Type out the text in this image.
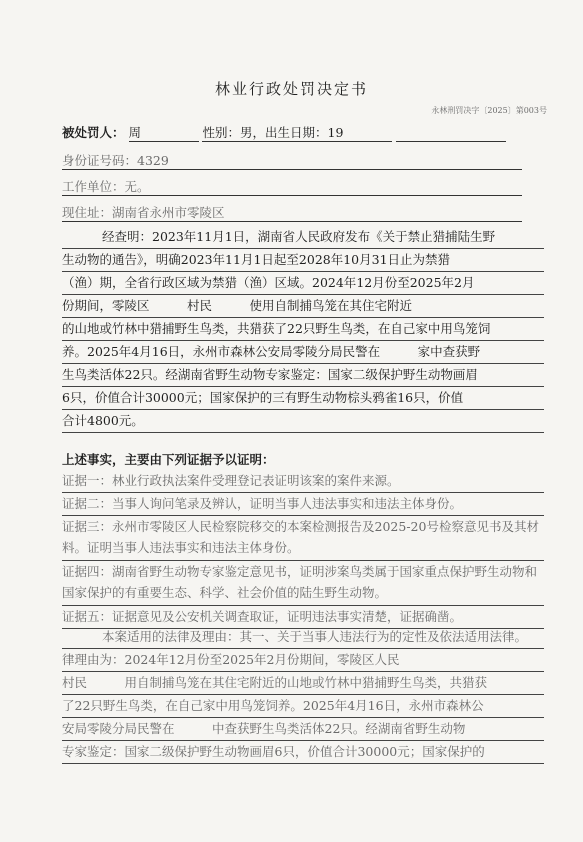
林业行政处罚决定书
永林刑罚决字〔2025〕第003号
被处罚人： 周	性别：男，出生日期：19
身份证号码：4329
工作单位：无。
现住址：湖南省永州市零陵区
经查明：2023年11月1日，湖南省人民政府发布《关于禁止猎捕陆生野
生动物的通告》，明确2023年11月1日起至2028年10月31日止为禁猎
（渔）期，全省行政区域为禁猎（渔）区域。2024年12月份至2025年2月
份期间，零陵区　　　村民　　　使用自制捕鸟笼在其住宅附近
的山地或竹林中猎捕野生鸟类，共猎获了22只野生鸟类，在自己家中用鸟笼饲
养。2025年4月16日，永州市森林公安局零陵分局民警在　　　家中查获野
生鸟类活体22只。经湖南省野生动物专家鉴定：国家二级保护野生动物画眉
6只，价值合计30000元；国家保护的三有野生动物棕头鸦雀16只，价值
合计4800元。
上述事实，主要由下列证据予以证明：
证据一：林业行政执法案件受理登记表证明该案的案件来源。
证据二：当事人询问笔录及辨认，证明当事人违法事实和违法主体身份。
证据三：永州市零陵区人民检察院移交的本案检测报告及2025-20号检察意见书及其材料。证明当事人违法事实和违法主体身份。
证据四：湖南省野生动物专家鉴定意见书，证明涉案鸟类属于国家重点保护野生动物和国家保护的有重要生态、科学、社会价值的陆生野生动物。
证据五：证据意见及公安机关调查取证，证明违法事实清楚，证据确凿。
本案适用的法律及理由：其一、关于当事人违法行为的定性及依法适用法律。
律理由为：2024年12月份至2025年2月份期间，零陵区人民
村民　　　用自制捕鸟笼在其住宅附近的山地或竹林中猎捕野生鸟类，共猎获
了22只野生鸟类，在自己家中用鸟笼饲养。2025年4月16日，永州市森林公
安局零陵分局民警在　　　中查获野生鸟类活体22只。经湖南省野生动物
专家鉴定：国家二级保护野生动物画眉6只，价值合计30000元；国家保护的
